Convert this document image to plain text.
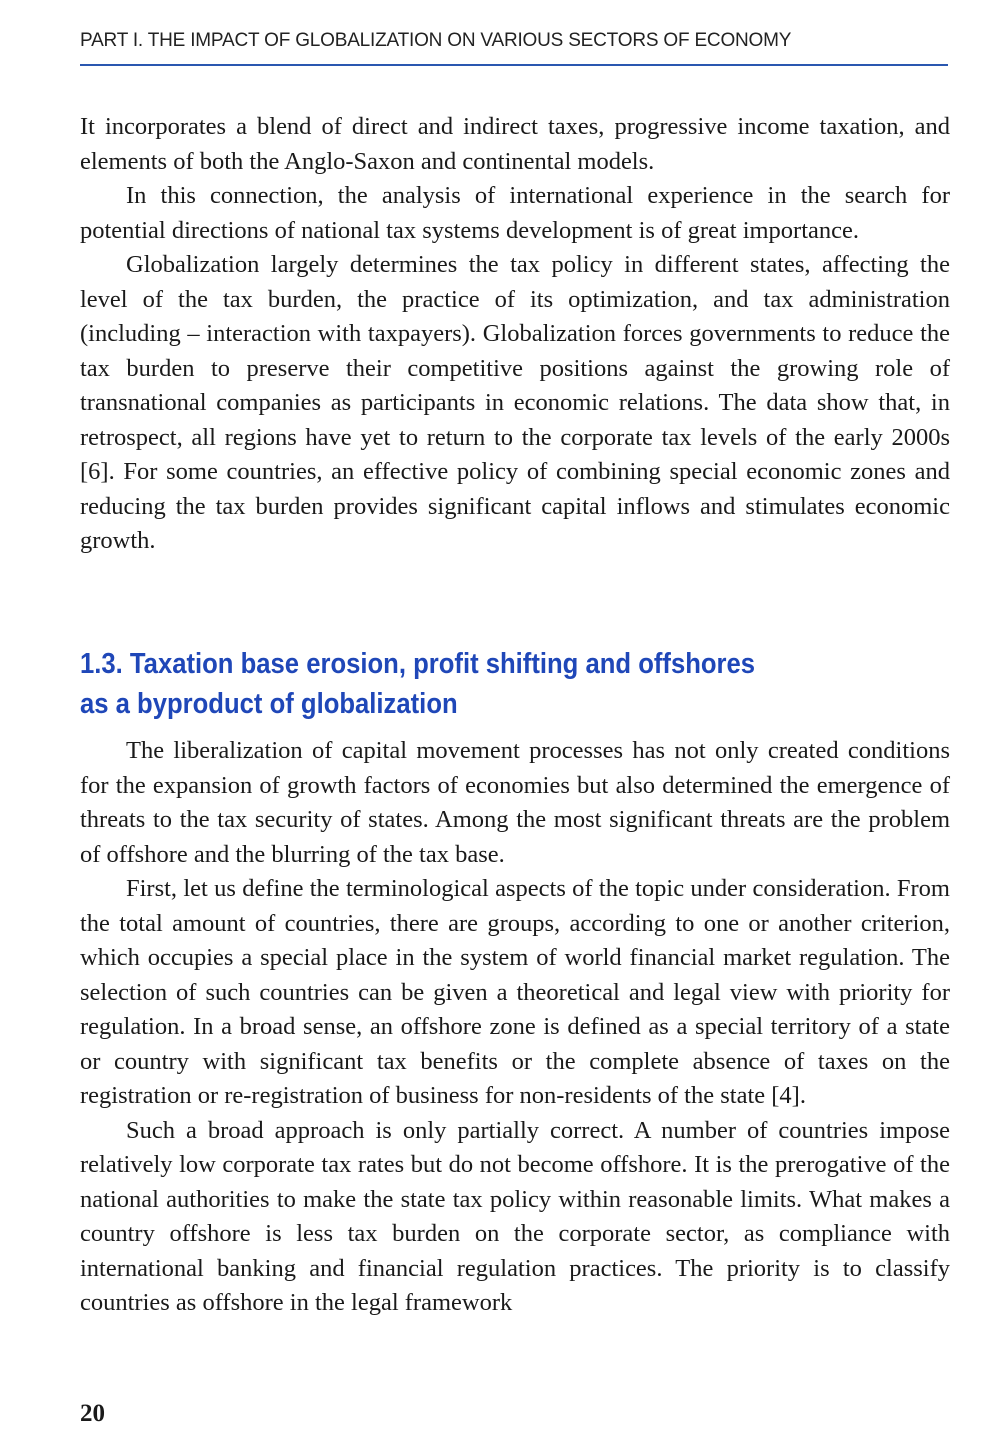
PART I. THE IMPACT OF GLOBALIZATION ON VARIOUS SECTORS OF ECONOMY

It incorporates a blend of direct and indirect taxes, progressive income taxation, and elements of both the Anglo-Saxon and continental models.

In this connection, the analysis of international experience in the search for potential directions of national tax systems development is of great importance.

Globalization largely determines the tax policy in different states, affecting the level of the tax burden, the practice of its optimization, and tax administration (including – interaction with taxpayers). Globalization forces governments to reduce the tax burden to preserve their competitive positions against the growing role of transnational companies as participants in economic relations. The data show that, in retrospect, all regions have yet to return to the corporate tax levels of the early 2000s [6]. For some countries, an effective policy of combining special economic zones and reducing the tax burden provides significant capital inflows and stimulates economic growth.

1.3. Taxation base erosion, profit shifting and offshores
as a byproduct of globalization

The liberalization of capital movement processes has not only created conditions for the expansion of growth factors of economies but also determined the emergence of threats to the tax security of states. Among the most significant threats are the problem of offshore and the blurring of the tax base.

First, let us define the terminological aspects of the topic under consideration. From the total amount of countries, there are groups, according to one or another criterion, which occupies a special place in the system of world financial market regulation. The selection of such countries can be given a theoretical and legal view with priority for regulation. In a broad sense, an offshore zone is defined as a special territory of a state or country with significant tax benefits or the complete absence of taxes on the registration or re-registration of business for non-residents of the state [4].

Such a broad approach is only partially correct. A number of countries impose relatively low corporate tax rates but do not become offshore. It is the prerogative of the national authorities to make the state tax policy within reasonable limits. What makes a country offshore is less tax burden on the corporate sector, as compliance with international banking and financial regulation practices. The priority is to classify countries as offshore in the legal framework

20
